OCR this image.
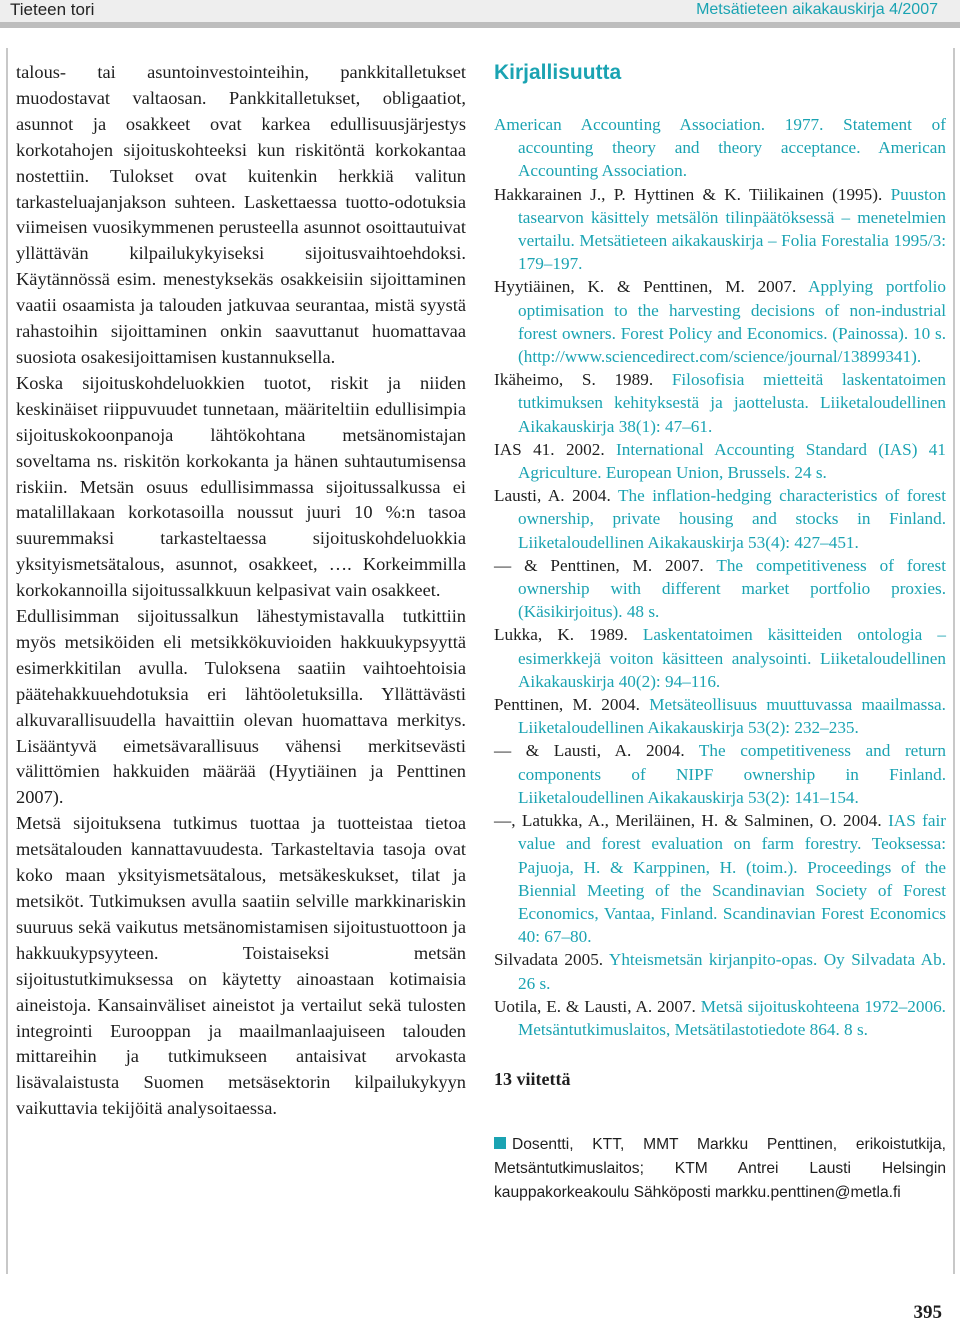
Tieteen tori	Metsätieteen aikakauskirja 4/2007

talous- tai asuntoinvestointeihin, pankkitalletukset muodostavat valtaosan. Pankkitalletukset, obligaatiot, asunnot ja osakkeet ovat karkea edullisuusjärjestys korkotahojen sijoituskohteeksi kun riskitöntä korkokantaa nostettiin. Tulokset ovat kuitenkin herkkiä valitun tarkasteluajanjakson suhteen. Laskettaessa tuotto-odotuksia viimeisen vuosikymmenen perusteella asunnot osoittautuivat yllättävän kilpailukykyiseksi sijoitusvaihtoehdoksi. Käytännössä esim. menestyksekäs osakkeisiin sijoittaminen vaatii osaamista ja talouden jatkuvaa seurantaa, mistä syystä rahastoihin sijoittaminen onkin saavuttanut huomattavaa suosiota osakesijoittamisen kustannuksella.

Koska sijoituskohdeluokkien tuotot, riskit ja niiden keskinäiset riippuvuudet tunnetaan, määriteltiin edullisimpia sijoituskokoonpanoja lähtökohtana metsänomistajan soveltama ns. riskitön korkokanta ja hänen suhtautumisensa riskiin. Metsän osuus edullisimmassa sijoitussalkussa ei matalillakaan korkotasoilla noussut juuri 10 %:n tasoa suuremmaksi tarkasteltaessa sijoituskohdeluokkia yksityismetsätalous, asunnot, osakkeet, …. Korkeimmilla korkokannoilla sijoitussalkkuun kelpasivat vain osakkeet.

Edullisimman sijoitussalkun lähestymistavalla tutkittiin myös metsiköiden eli metsikkökuvioiden hakkuukypsyyttä esimerkkitilan avulla. Tuloksena saatiin vaihtoehtoisia päätehakkuuehdotuksia eri lähtöoletuksilla. Yllättävästi alkuvarallisuudella havaittiin olevan huomattava merkitys. Lisääntyvä eimetsävarallisuus vähensi merkitsevästi välittömien hakkuiden määrää (Hyytiäinen ja Penttinen 2007).

Metsä sijoituksena tutkimus tuottaa ja tuotteistaa tietoa metsätalouden kannattavuudesta. Tarkasteltavia tasoja ovat koko maan yksityismetsätalous, metsäkeskukset, tilat ja metsiköt. Tutkimuksen avulla saatiin selville markkinariskin suuruus sekä vaikutus metsänomistamisen sijoitustuottoon ja hakkuukypsyyteen. Toistaiseksi metsän sijoitustutkimuksessa on käytetty ainoastaan kotimaisia aineistoja. Kansainväliset aineistot ja vertailut sekä tulosten integrointi Eurooppan ja maailmanlaajuiseen talouden mittareihin ja tutkimukseen antaisivat arvokasta lisävalaistusta Suomen metsäsektorin kilpailukykyyn vaikuttavia tekijöitä analysoitaessa.

Kirjallisuutta
American Accounting Association. 1977. Statement of accounting theory and theory acceptance. American Accounting Association.
Hakkarainen J., P. Hyttinen & K. Tiilikainen (1995). Puuston tasearvon käsittely metsälön tilinpäätöksessä – menetelmien vertailu. Metsätieteen aikakauskirja – Folia Forestalia 1995/3: 179–197.
Hyytiäinen, K. & Penttinen, M. 2007. Applying portfolio optimisation to the harvesting decisions of non-industrial forest owners. Forest Policy and Economics. (Painossa). 10 s. (http://www.sciencedirect.com/science/journal/13899341).
Ikäheimo, S. 1989. Filosofisia mietteitä laskentatoimen tutkimuksen kehityksestä ja jaottelusta. Liiketaloudellinen Aikakauskirja 38(1): 47–61.
IAS 41. 2002. International Accounting Standard (IAS) 41 Agriculture. European Union, Brussels. 24 s.
Lausti, A. 2004. The inflation-hedging characteristics of forest ownership, private housing and stocks in Finland. Liiketaloudellinen Aikakauskirja 53(4): 427–451.
— & Penttinen, M. 2007. The competitiveness of forest ownership with different market portfolio proxies. (Käsikirjoitus). 48 s.
Lukka, K. 1989. Laskentatoimen käsitteiden ontologia – esimerkkejä voiton käsitteen analysointi. Liiketaloudellinen Aikakauskirja 40(2): 94–116.
Penttinen, M. 2004. Metsäteollisuus muuttuvassa maailmassa. Liiketaloudellinen Aikakauskirja 53(2): 232–235.
— & Lausti, A. 2004. The competitiveness and return components of NIPF ownership in Finland. Liiketaloudellinen Aikakauskirja 53(2): 141–154.
—, Latukka, A., Meriläinen, H. & Salminen, O. 2004. IAS fair value and forest evaluation on farm forestry. Teoksessa: Pajuoja, H. & Karppinen, H. (toim.). Proceedings of the Biennial Meeting of the Scandinavian Society of Forest Economics, Vantaa, Finland. Scandinavian Forest Economics 40: 67–80.
Silvadata 2005. Yhteismetsän kirjanpito-opas. Oy Silvadata Ab. 26 s.
Uotila, E. & Lausti, A. 2007. Metsä sijoituskohteena 1972–2006. Metsäntutkimuslaitos, Metsätilastotiedote 864. 8 s.
13 viitettä
Dosentti, KTT, MMT Markku Penttinen, erikoistutkija, Metsäntutkimuslaitos; KTM Antrei Lausti Helsingin kauppakorkeakoulu Sähköposti markku.penttinen@metla.fi
395
